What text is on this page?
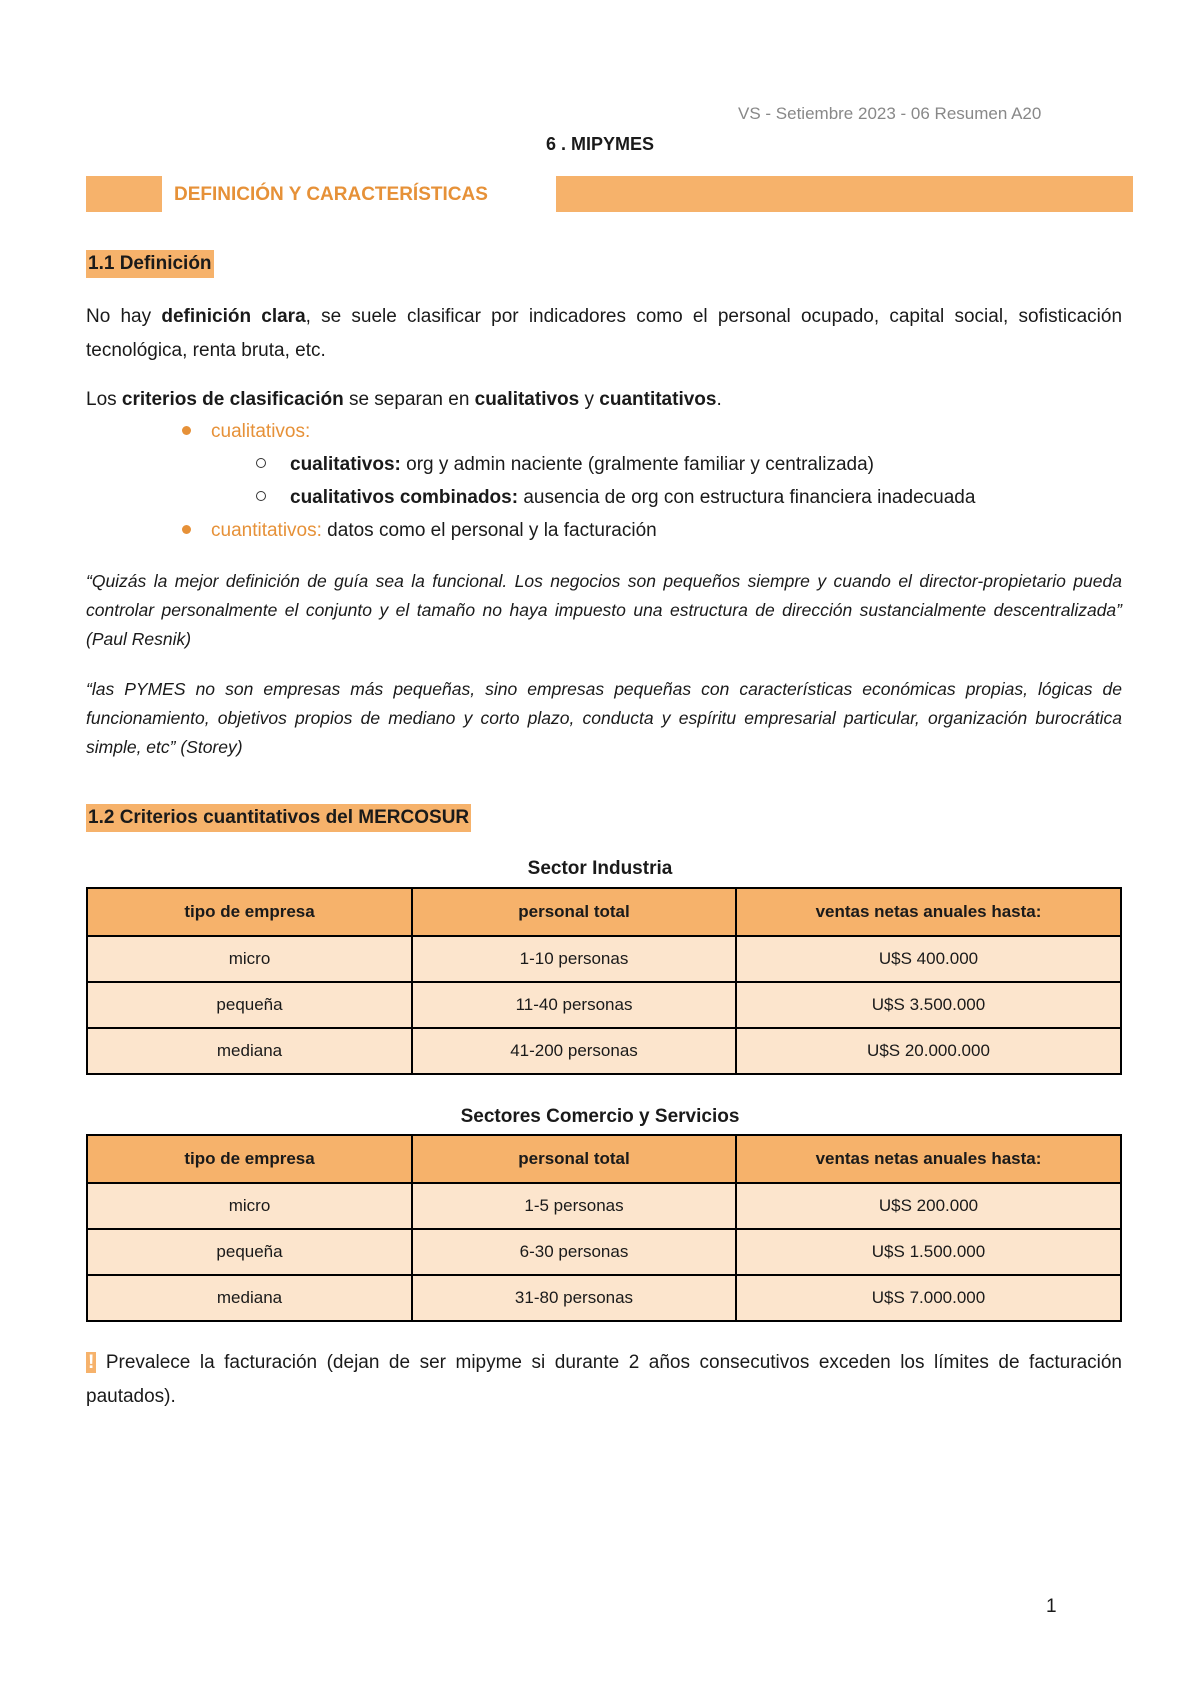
VS - Setiembre 2023 - 06 Resumen A20
6 . MIPYMES
DEFINICIÓN Y CARACTERÍSTICAS
1.1 Definición
No hay definición clara, se suele clasificar por indicadores como el personal ocupado, capital social, sofisticación tecnológica, renta bruta, etc.
Los criterios de clasificación se separan en cualitativos y cuantitativos.
cualitativos:
cualitativos: org y admin naciente (gralmente familiar y centralizada)
cualitativos combinados: ausencia de org con estructura financiera inadecuada
cuantitativos: datos como el personal y la facturación
“Quizás la mejor definición de guía sea la funcional. Los negocios son pequeños siempre y cuando el director-propietario pueda controlar personalmente el conjunto y el tamaño no haya impuesto una estructura de dirección sustancialmente descentralizada” (Paul Resnik)
“las PYMES no son empresas más pequeñas, sino empresas pequeñas con características económicas propias, lógicas de funcionamiento, objetivos propios de mediano y corto plazo, conducta y espíritu empresarial particular, organización burocrática simple, etc” (Storey)
1.2 Criterios cuantitativos del MERCOSUR
Sector Industria
tipo de empresa	personal total	ventas netas anuales hasta:
micro	1-10 personas	U$S 400.000
pequeña	11-40 personas	U$S 3.500.000
mediana	41-200 personas	U$S 20.000.000
Sectores Comercio y Servicios
tipo de empresa	personal total	ventas netas anuales hasta:
micro	1-5 personas	U$S 200.000
pequeña	6-30 personas	U$S 1.500.000
mediana	31-80 personas	U$S 7.000.000
! Prevalece la facturación (dejan de ser mipyme si durante 2 años consecutivos exceden los límites de facturación pautados).
1
